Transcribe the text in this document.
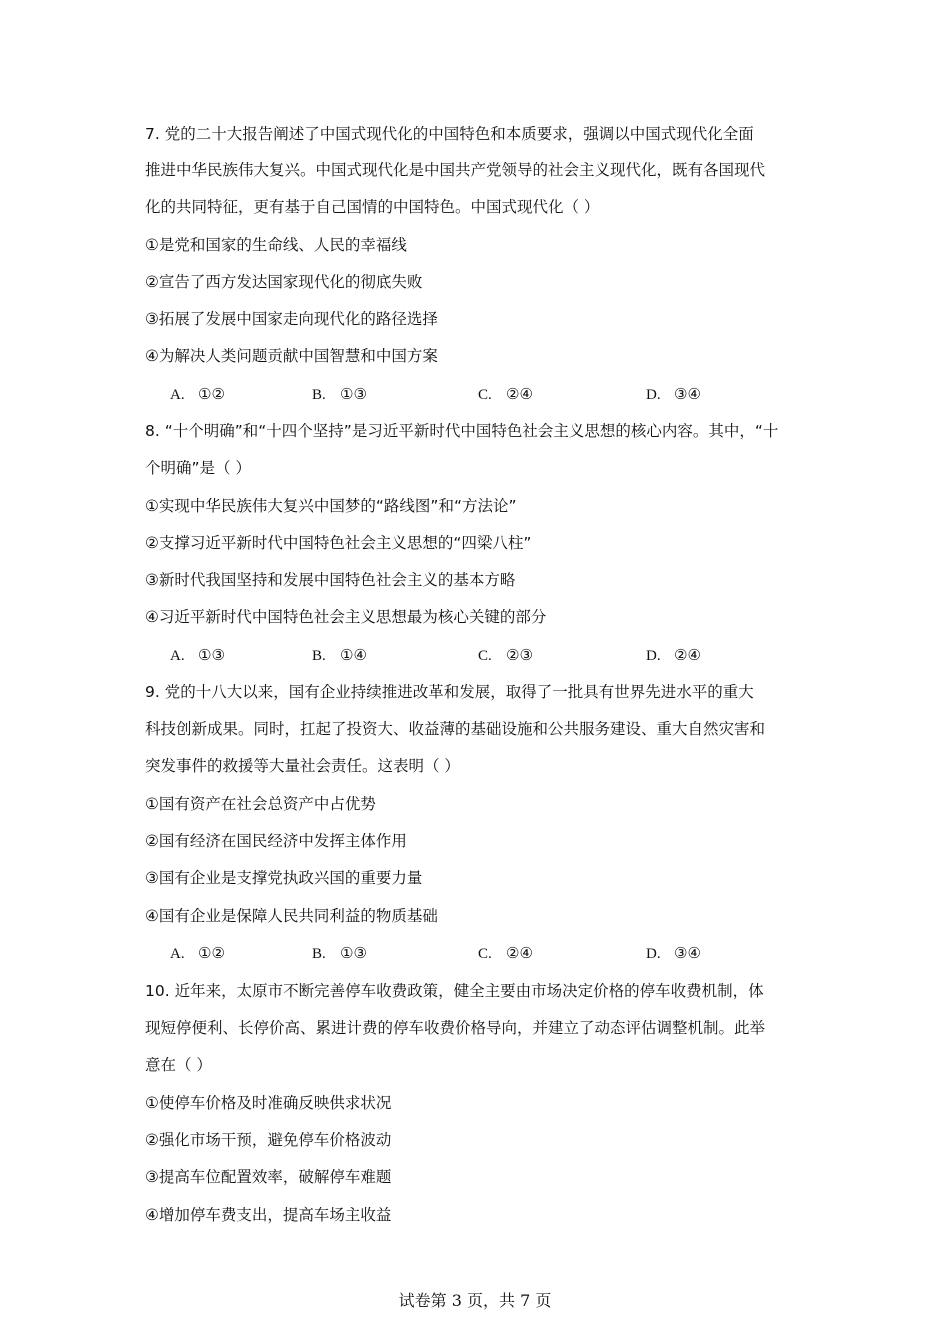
7. 党的二十大报告阐述了中国式现代化的中国特色和本质要求，强调以中国式现代化全面
推进中华民族伟大复兴。中国式现代化是中国共产党领导的社会主义现代化，既有各国现代
化的共同特征，更有基于自己国情的中国特色。中国式现代化（ ）
①是党和国家的生命线、人民的幸福线
②宣告了西方发达国家现代化的彻底失败
③拓展了发展中国家走向现代化的路径选择
④为解决人类问题贡献中国智慧和中国方案
A. ①②	B. ①③	C. ②④	D. ③④
8. “十个明确”和“十四个坚持”是习近平新时代中国特色社会主义思想的核心内容。其中，“十
个明确”是（ ）
①实现中华民族伟大复兴中国梦的“路线图”和“方法论”
②支撑习近平新时代中国特色社会主义思想的“四梁八柱”
③新时代我国坚持和发展中国特色社会主义的基本方略
④习近平新时代中国特色社会主义思想最为核心关键的部分
A. ①③	B. ①④	C. ②③	D. ②④
9. 党的十八大以来，国有企业持续推进改革和发展，取得了一批具有世界先进水平的重大
科技创新成果。同时，扛起了投资大、收益薄的基础设施和公共服务建设、重大自然灾害和
突发事件的救援等大量社会责任。这表明（ ）
①国有资产在社会总资产中占优势
②国有经济在国民经济中发挥主体作用
③国有企业是支撑党执政兴国的重要力量
④国有企业是保障人民共同利益的物质基础
A. ①②	B. ①③	C. ②④	D. ③④
10. 近年来，太原市不断完善停车收费政策，健全主要由市场决定价格的停车收费机制，体
现短停便利、长停价高、累进计费的停车收费价格导向，并建立了动态评估调整机制。此举
意在（ ）
①使停车价格及时准确反映供求状况
②强化市场干预，避免停车价格波动
③提高车位配置效率，破解停车难题
④增加停车费支出，提高车场主收益
试卷第 3 页，共 7 页
